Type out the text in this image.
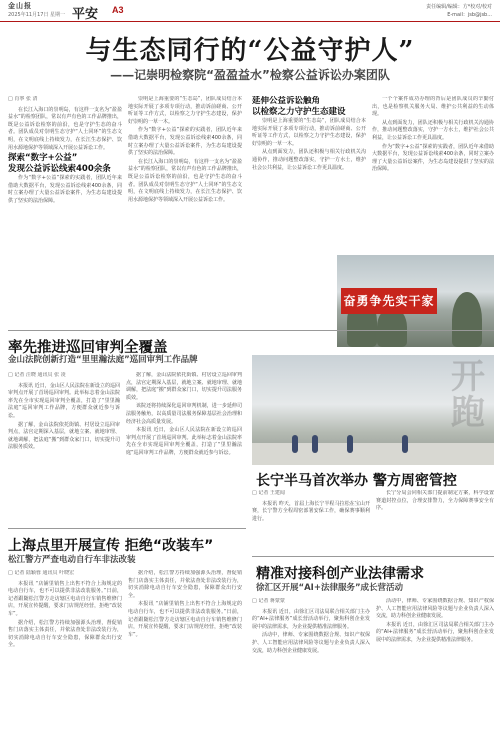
金山报
2025年11月17日 星期一 平安 A3	责任编辑/编辑：方*校对/校对
E-mail：jsb@jsb...
与生态同行的“公益守护人”
——记崇明检察院“盈盈益水”检察公益诉讼办案团队
□ 肖寧 张 清
在长江入海口的崇明岛，有这样一支名为“盈盈益水”的检察团队，常以有声有色的工作品牌推出，既是公益诉讼检察的前沿，也是守护生态的奋斗者。团队成员对崇明生态守护“人土同环”的生态文明，在文明底线上持续发力，在长江生态保护、饮用水源地保护等领域深入开展公益诉讼工作。
探索“数字+公益”
发现公益诉讼线索400余条
作为“数字+公益”探索的实践者，团队近年来借助大数据平台，发现公益诉讼线索400余条，同时立案办理了大量公益诉讼案件，为生态岛建设提供了坚实的法治保障。
崇明是上海重要的“生态岛”，团队成员结合本地实际开展了多项专项行动，推动诉前磋商、公开听证等工作方式，以检察之力守护生态建设，保护好崇明的一草一木。
作为“数字+公益”探索的实践者，团队近年来借助大数据平台，发现公益诉讼线索400余条，同时立案办理了大量公益诉讼案件，为生态岛建设提供了坚实的法治保障。
在长江入海口的崇明岛，有这样一支名为“盈盈益水”的检察团队，常以有声有色的工作品牌推出，既是公益诉讼检察的前沿，也是守护生态的奋斗者。团队成员对崇明生态守护“人土同环”的生态文明，在文明底线上持续发力，在长江生态保护、饮用水源地保护等领域深入开展公益诉讼工作。
延伸公益诉讼触角
以检察之力守护生态建设
崇明是上海重要的“生态岛”，团队成员结合本地实际开展了多项专项行动，推动诉前磋商、公开听证等工作方式，以检察之力守护生态建设，保护好崇明的一草一木。
从点到面发力，团队还积极与相关行政机关沟通协作，推动问题整改落实，守护一方水土，维护社会公共利益，让公益诉讼工作更具温度。
一个个案件成功办理的背后是团队成员的辛勤付出，也是检察机关服务大局、维护公共利益的生动体现。
从点到面发力，团队还积极与相关行政机关沟通协作，推动问题整改落实，守护一方水土，维护社会公共利益，让公益诉讼工作更具温度。
作为“数字+公益”探索的实践者，团队近年来借助大数据平台，发现公益诉讼线索400余条，同时立案办理了大量公益诉讼案件，为生态岛建设提供了坚实的法治保障。
奋勇争先实干家
率先推进巡回审判全覆盖
金山法院创新打造“里里瀚法庭”巡回审判工作品牌
□ 记者 汪晓 通讯员 张 凌
本报讯 近日，金山区人民法院在新设立的巡回审判点开展了首场巡回审判。此举标志着金山法院率先在全市实现巡回审判全覆盖，打造了“里里瀚法庭”巡回审判工作品牌，方便群众就近参与诉讼。
据了解，金山法院依托街镇、村居设立巡回审判点，法官定期深入基层，就地立案、就地审理、就地调解，把法庭“搬”到群众家门口，切实提升司法服务质效。
据了解，金山法院依托街镇、村居设立巡回审判点，法官定期深入基层，就地立案、就地审理、就地调解，把法庭“搬”到群众家门口，切实提升司法服务质效。
该院还将持续深化巡回审判机制，进一步延伸司法服务触角，以高质量司法服务保障基层社会治理和经济社会高质量发展。
本报讯 近日，金山区人民法院在新设立的巡回审判点开展了首场巡回审判。此举标志着金山法院率先在全市实现巡回审判全覆盖，打造了“里里瀚法庭”巡回审判工作品牌，方便群众就近参与诉讼。
开跑
长宁半马首次举办 警方周密管控
□ 记者 王建闻
本报讯 昨天，首届上海长宁半程马拉松在宝山开赛，长宁警方全程周密部署安保工作，确保赛事顺利进行。
长宁分局会同相关部门提前制定方案，科学设置赛道封控点位，合理安排警力，全力保障赛事安全有序。
上海点里开展宣传 拒绝“改装车”
松江警方严查电动自行车非法改装
□ 记者 陆颖蓉 通讯员 叶晓宏
本报讯 “店铺里销售上出售不符合上海规定的电动自行车，也不可以提供非法改装服务。”日前，记者跟随松江警方走访辖区电动自行车销售维修门店，开展宣传提醒，要求门店规范经营，拒绝“改装车”。
据介绍，松江警方持续加强源头治理，督促销售门店落实主体责任，并依法查处非法改装行为，切实消除电动自行车安全隐患，保障群众出行安全。
据介绍，松江警方持续加强源头治理，督促销售门店落实主体责任，并依法查处非法改装行为，切实消除电动自行车安全隐患，保障群众出行安全。
本报讯 “店铺里销售上出售不符合上海规定的电动自行车，也不可以提供非法改装服务。”日前，记者跟随松江警方走访辖区电动自行车销售维修门店，开展宣传提醒，要求门店规范经营，拒绝“改装车”。
精准对接科创产业法律需求
徐汇区开展“AI+法律服务”成长营活动
□ 记者 蒋蒙蒙
本报讯 近日，由徐汇区司法局联合相关部门主办的“AI+法律服务”成长营活动举行，聚焦科创企业发展中的法律需求，为企业提供精准法律服务。
活动中，律师、专家围绕数据合规、知识产权保护、人工智能应用法律风险等议题与企业负责人深入交流，助力科创企业健康发展。
活动中，律师、专家围绕数据合规、知识产权保护、人工智能应用法律风险等议题与企业负责人深入交流，助力科创企业健康发展。
本报讯 近日，由徐汇区司法局联合相关部门主办的“AI+法律服务”成长营活动举行，聚焦科创企业发展中的法律需求，为企业提供精准法律服务。
